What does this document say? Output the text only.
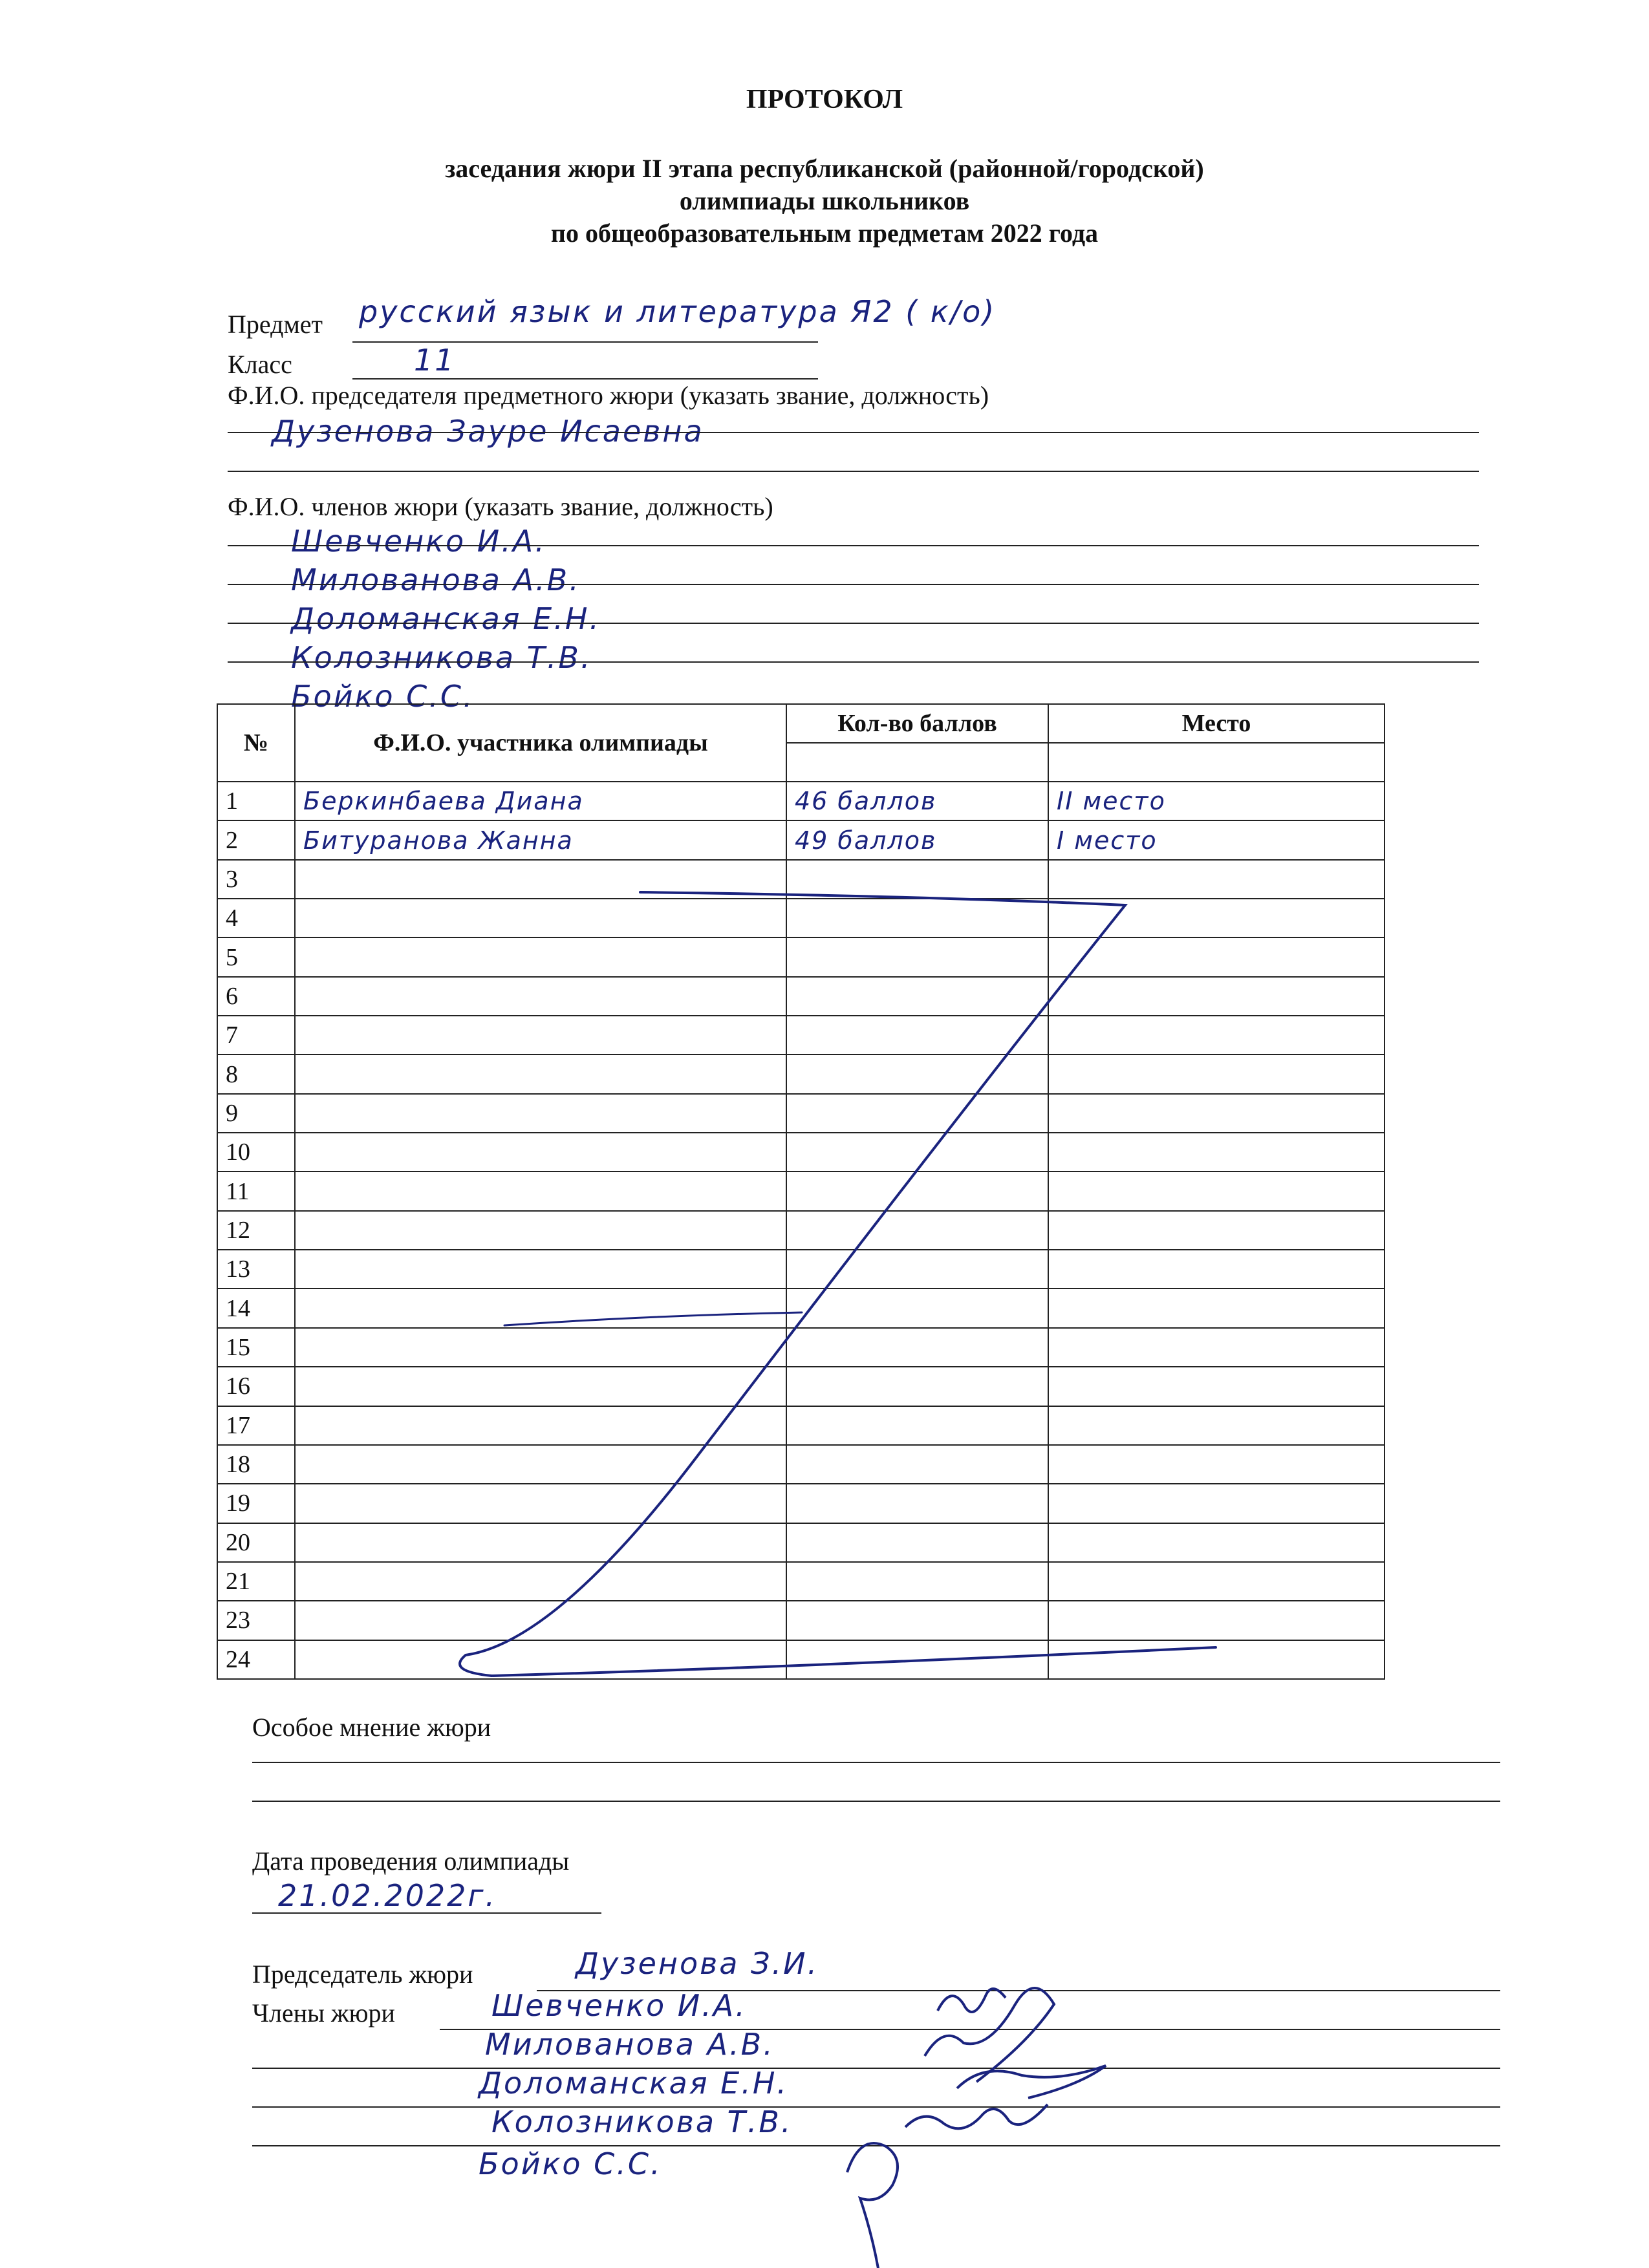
ПРОТОКОЛ
заседания жюри II этапа республиканской (районной/городской)
олимпиады школьников
по общеобразовательным предметам 2022 года
Предмет русский язык и литература Я2 ( к/о)
Класс	11
Ф.И.О. председателя предметного жюри (указать звание, должность)
Дузенова Зауре Исаевна
Ф.И.О. членов жюри (указать звание, должность)
Шевченко И.А.
Милованова А.В.
Доломанская Е.Н.
Колозникова Т.В.
Бойко С.С.
№	Ф.И.О. участника олимпиады	Кол-во баллов	Место

1	Беркинбаева Диана	46 баллов	II место
2	Битуранова Жанна	49 баллов	I место
3			
4			
5			
6			
7			
8			
9			
10			
11			
12			
13			
14			
15			
16			
17			
18			
19			
20			
21			
23			
24			
Особое мнение жюри
Дата проведения олимпиады
21.02.2022г.
Председатель жюри	Дузенова З.И.
Члены жюри	Шевченко И.А.
Милованова А.В.
Доломанская Е.Н.
Колозникова Т.В.
Бойко С.С.
